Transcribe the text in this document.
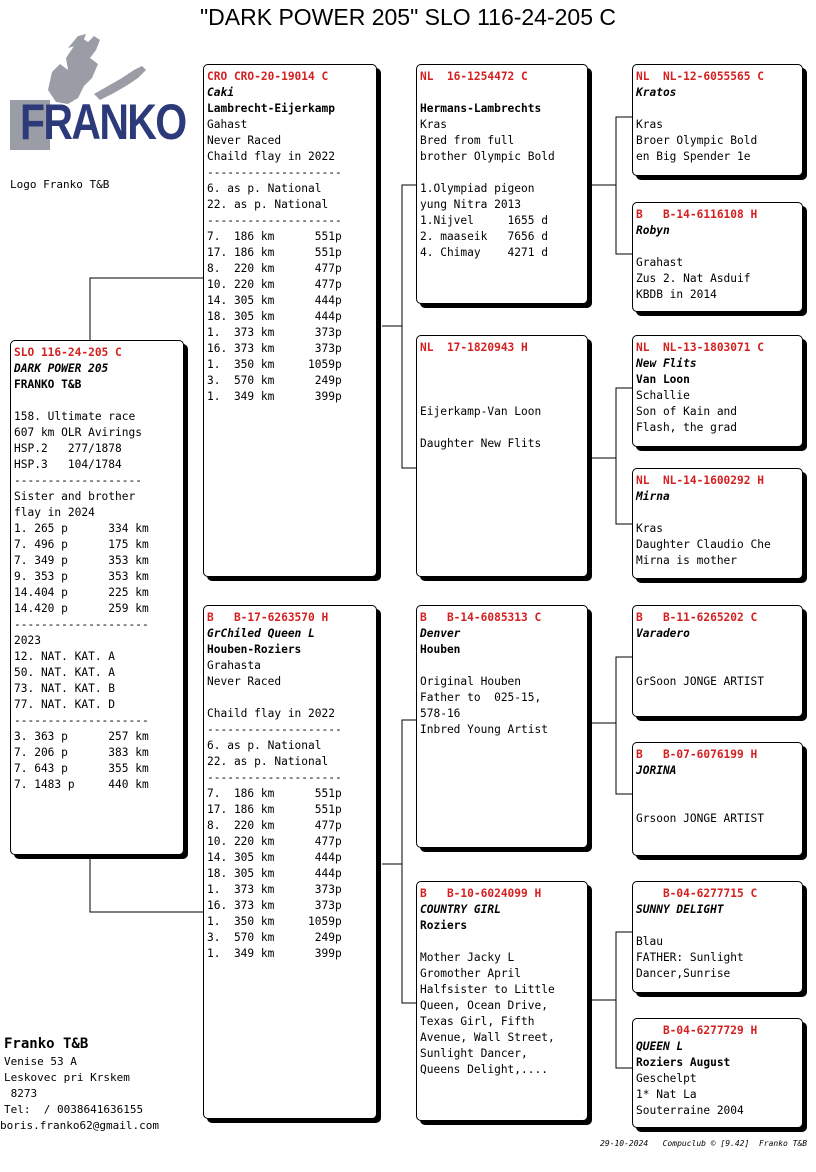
"DARK POWER 205" SLO 116-24-205 C
FRANKO
Logo Franko T&B
SLO 116-24-205 C
DARK POWER 205
FRANKO T&B
158. Ultimate race
607 km OLR Avirings
HSP.2   277/1878
HSP.3   104/1784
-------------------
Sister and brother
flay in 2024
1. 265 p      334 km
7. 496 p      175 km
7. 349 p      353 km
9. 353 p      353 km
14.404 p      225 km
14.420 p      259 km
--------------------
2023
12. NAT. KAT. A
50. NAT. KAT. A
73. NAT. KAT. B
77. NAT. KAT. D
--------------------
3. 363 p      257 km
7. 206 p      383 km
7. 643 p      355 km
7. 1483 p     440 km
CRO CRO-20-19014 C
Caki
Lambrecht-Eijerkamp
Gahast
Never Raced
Chaild flay in 2022
--------------------
6. as p. National
22. as p. National
--------------------
7.  186 km      551p
17. 186 km      551p
8.  220 km      477p
10. 220 km      477p
14. 305 km      444p
18. 305 km      444p
1.  373 km      373p
16. 373 km      373p
1.  350 km     1059p
3.  570 km      249p
1.  349 km      399p
B   B-17-6263570 H
GrChiled Queen L
Houben-Roziers
Grahasta
Never Raced
Chaild flay in 2022
--------------------
6. as p. National
22. as p. National
--------------------
7.  186 km      551p
17. 186 km      551p
8.  220 km      477p
10. 220 km      477p
14. 305 km      444p
18. 305 km      444p
1.  373 km      373p
16. 373 km      373p
1.  350 km     1059p
3.  570 km      249p
1.  349 km      399p
NL  16-1254472 C
Hermans-Lambrechts
Kras
Bred from full
brother Olympic Bold
1.Olympiad pigeon
yung Nitra 2013
1.Nijvel     1655 d
2. maaseik   7656 d
4. Chimay    4271 d
NL  17-1820943 H
Eijerkamp-Van Loon
Daughter New Flits
B   B-14-6085313 C
Denver
Houben
Original Houben
Father to  025-15,
578-16
Inbred Young Artist
B   B-10-6024099 H
COUNTRY GIRL
Roziers
Mother Jacky L
Gromother April
Halfsister to Little
Queen, Ocean Drive,
Texas Girl, Fifth
Avenue, Wall Street,
Sunlight Dancer,
Queens Delight,....
NL  NL-12-6055565 C
Kratos
Kras
Broer Olympic Bold
en Big Spender 1e
B   B-14-6116108 H
Robyn
Grahast
Zus 2. Nat Asduif
KBDB in 2014
NL  NL-13-1803071 C
New Flits
Van Loon
Schallie
Son of Kain and
Flash, the grad
NL  NL-14-1600292 H
Mirna
Kras
Daughter Claudio Che
Mirna is mother
B   B-11-6265202 C
Varadero
GrSoon JONGE ARTIST
B   B-07-6076199 H
JORINA
Grsoon JONGE ARTIST
B-04-6277715 C
SUNNY DELIGHT
Blau
FATHER: Sunlight
Dancer,Sunrise
B-04-6277729 H
QUEEN L
Roziers August
Geschelpt
1* Nat La
Souterraine 2004
Franko T&B
Venise 53 A
Leskovec pri Krskem
8273
Tel:  / 0038641636155
boris.franko62@gmail.com
29-10-2024   Compuclub © [9.42]  Franko T&B
